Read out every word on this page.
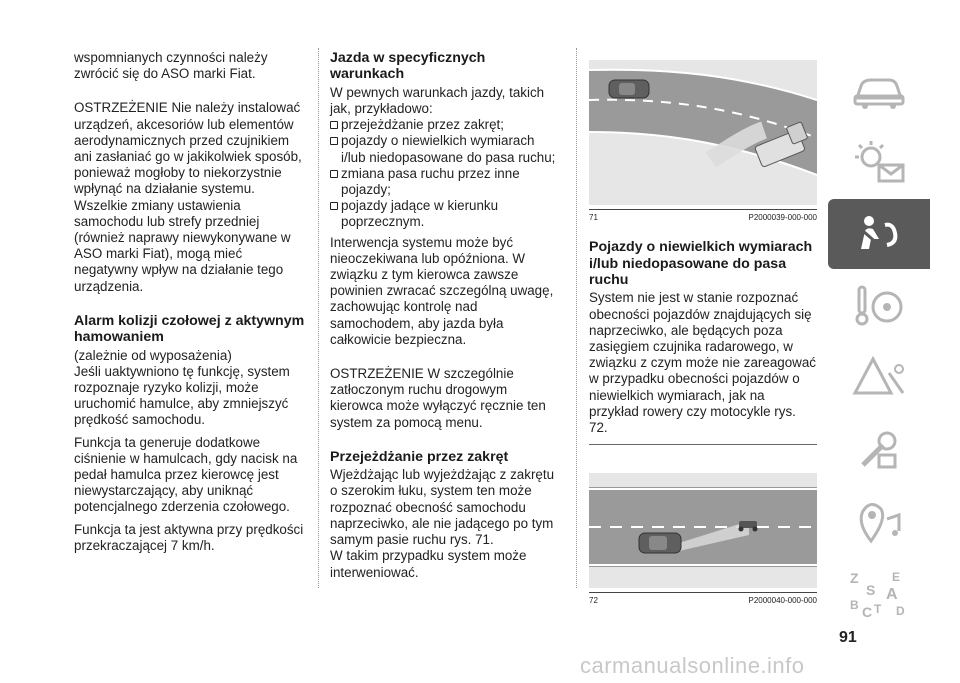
wspomnianych czynności należy zwrócić się do ASO marki Fiat.

OSTRZEŻENIE Nie należy instalować urządzeń, akcesoriów lub elementów aerodynamicznych przed czujnikiem ani zasłaniać go w jakikolwiek sposób, ponieważ mogłoby to niekorzystnie wpłynąć na działanie systemu. Wszelkie zmiany ustawienia samochodu lub strefy przedniej (również naprawy niewykonywane w ASO marki Fiat), mogą mieć negatywny wpływ na działanie tego urządzenia.

Alarm kolizji czołowej z aktywnym hamowaniem

(zależnie od wyposażenia)

Jeśli uaktywniono tę funkcję, system rozpoznaje ryzyko kolizji, może uruchomić hamulce, aby zmniejszyć prędkość samochodu.

Funkcja ta generuje dodatkowe ciśnienie w hamulcach, gdy nacisk na pedał hamulca przez kierowcę jest niewystarczający, aby uniknąć potencjalnego zderzenia czołowego.

Funkcja ta jest aktywna przy prędkości przekraczającej 7 km/h.

Jazda w specyficznych warunkach

W pewnych warunkach jazdy, takich jak, przykładowo:

przejeżdżanie przez zakręt;
pojazdy o niewielkich wymiarach i/lub niedopasowane do pasa ruchu;
zmiana pasa ruchu przez inne pojazdy;
pojazdy jadące w kierunku poprzecznym.

Interwencja systemu może być nieoczekiwana lub opóźniona. W związku z tym kierowca zawsze powinien zwracać szczególną uwagę, zachowując kontrolę nad samochodem, aby jazda była całkowicie bezpieczna.

OSTRZEŻENIE W szczególnie zatłoczonym ruchu drogowym kierowca może wyłączyć ręcznie ten system za pomocą menu.

Przejeżdżanie przez zakręt

Wjeżdżając lub wyjeżdżając z zakrętu o szerokim łuku, system ten może rozpoznać obecność samochodu naprzeciwko, ale nie jadącego po tym samym pasie ruchu rys. 71.

W takim przypadku system może interweniować.

71	P2000039-000-000
Pojazdy o niewielkich wymiarach i/lub niedopasowane do pasa ruchu

System nie jest w stanie rozpoznać obecności pojazdów znajdujących się naprzeciwko, ale będących poza zasięgiem czujnika radarowego, w związku z czym może nie zareagować w przypadku obecności pojazdów o niewielkich wymiarach, jak na przykład rowery czy motocykle rys. 72.

72	P2000040-000-000
Z	E
S A
B C T D
91
carmanualsonline.info
